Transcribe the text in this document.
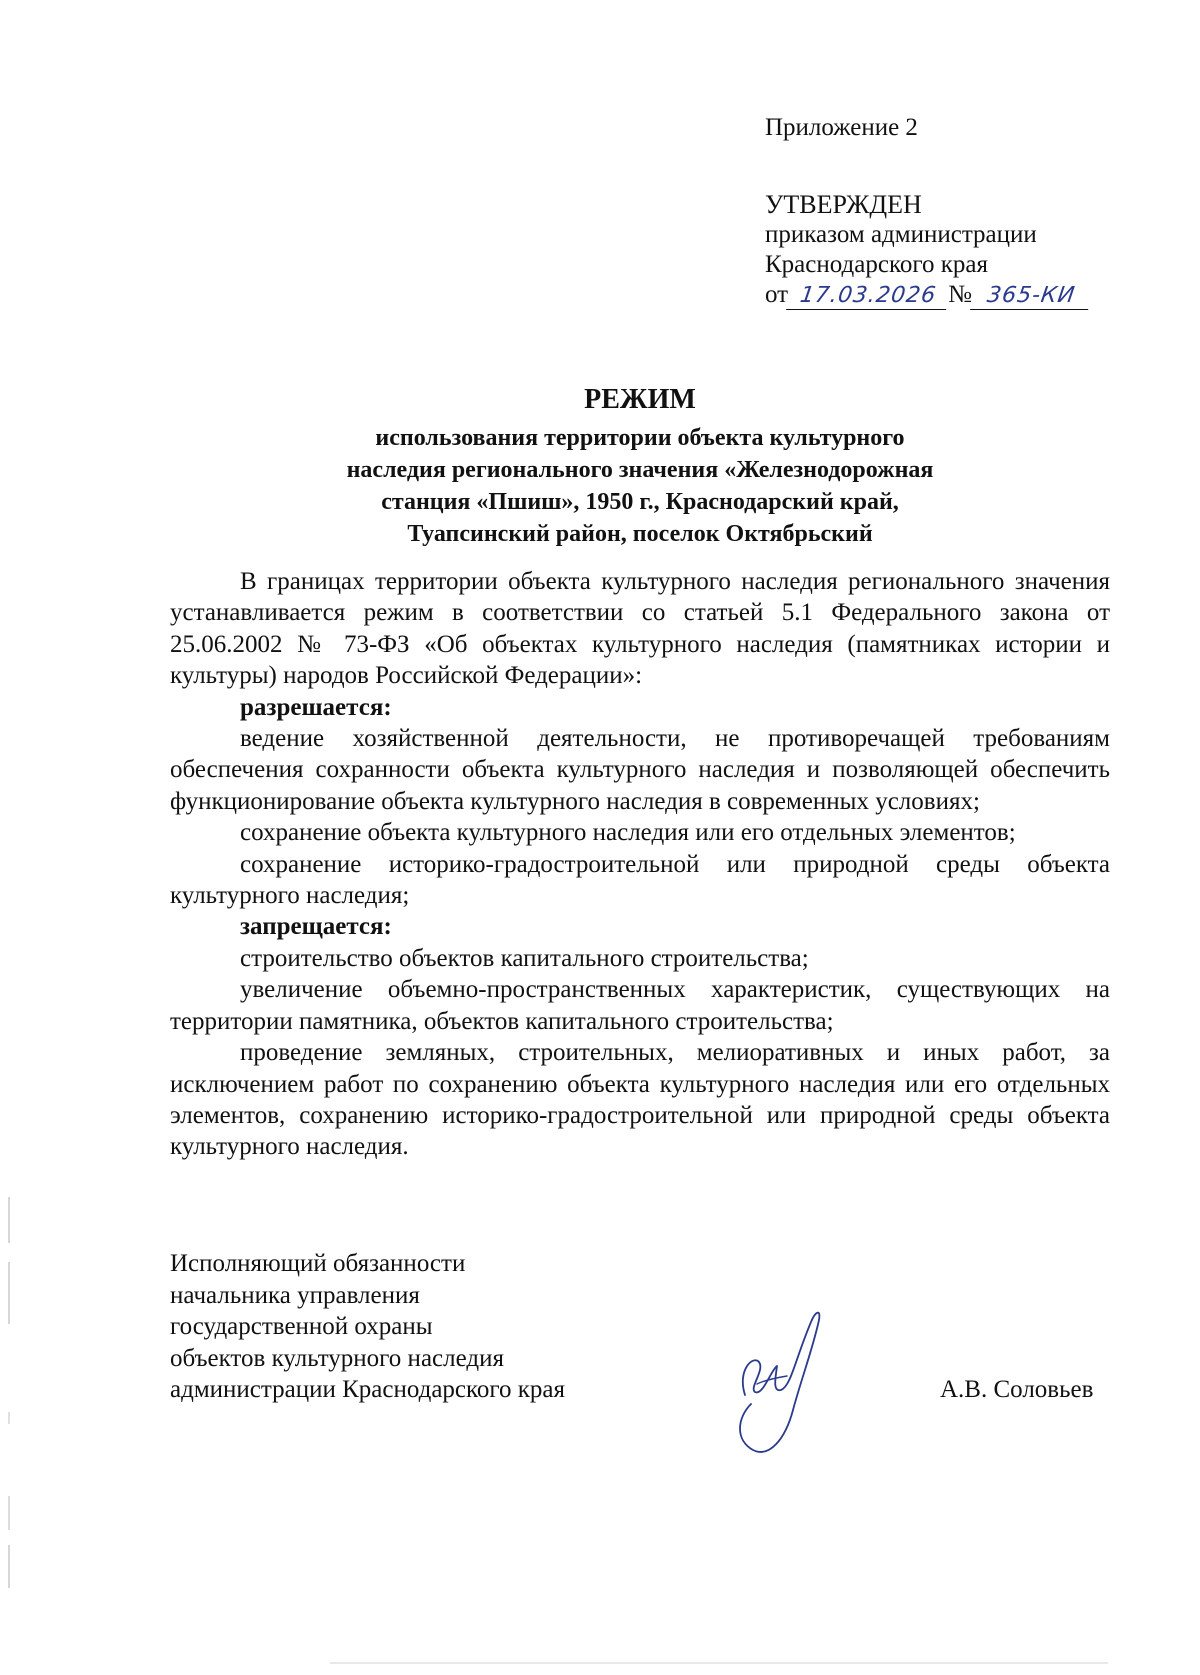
Приложение 2
УТВЕРЖДЕН
приказом администрации
Краснодарского края
от 17.03.2026 № 365-КИ
РЕЖИМ
использования территории объекта культурного
наследия регионального значения «Железнодорожная
станция «Пшиш», 1950 г., Краснодарский край,
Туапсинский район, поселок Октябрьский

В границах территории объекта культурного наследия регионального значения устанавливается режим в соответствии со статьей 5.1 Федерального закона от 25.06.2002 № 73-ФЗ «Об объектах культурного наследия (памятниках истории и культуры) народов Российской Федерации»:

разрешается:

ведение хозяйственной деятельности, не противоречащей требованиям обеспечения сохранности объекта культурного наследия и позволяющей обеспечить функционирование объекта культурного наследия в современных условиях;

сохранение объекта культурного наследия или его отдельных элементов;

сохранение историко-градостроительной или природной среды объекта культурного наследия;

запрещается:

строительство объектов капитального строительства;

увеличение объемно-пространственных характеристик, существующих на территории памятника, объектов капитального строительства;

проведение земляных, строительных, мелиоративных и иных работ, за исключением работ по сохранению объекта культурного наследия или его отдельных элементов, сохранению историко-градостроительной или природной среды объекта культурного наследия.

Исполняющий обязанности
начальника управления
государственной охраны
объектов культурного наследия
администрации Краснодарского края	А.В. Соловьев
